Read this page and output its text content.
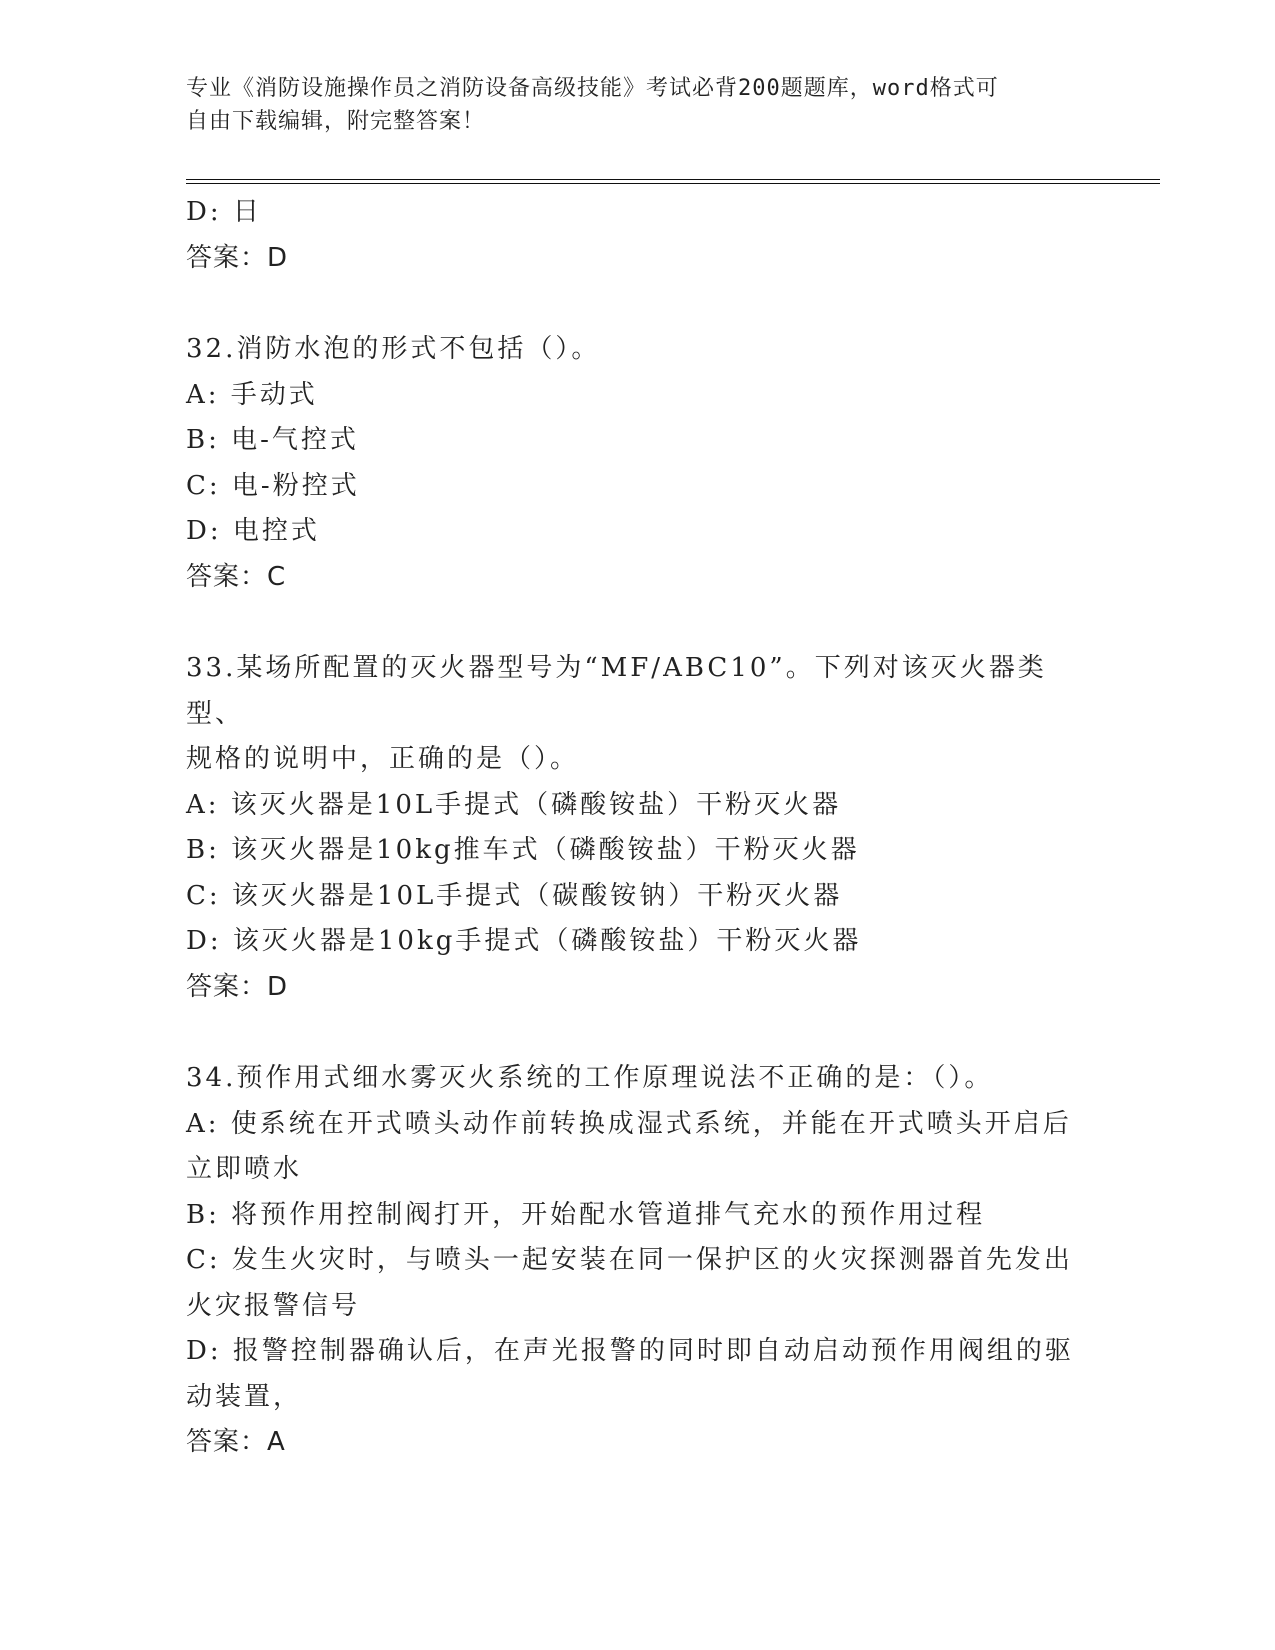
专业《消防设施操作员之消防设备高级技能》考试必背200题题库，word格式可
自由下载编辑，附完整答案！
D: 日
答案：D
32.消防水泡的形式不包括（）。
A: 手动式
B: 电-气控式
C: 电-粉控式
D: 电控式
答案：C
33.某场所配置的灭火器型号为“MF/ABC10”。下列对该灭火器类型、
规格的说明中，正确的是（）。
A: 该灭火器是10L手提式（磷酸铵盐）干粉灭火器
B: 该灭火器是10kg推车式（磷酸铵盐）干粉灭火器
C: 该灭火器是10L手提式（碳酸铵钠）干粉灭火器
D: 该灭火器是10kg手提式（磷酸铵盐）干粉灭火器
答案：D
34.预作用式细水雾灭火系统的工作原理说法不正确的是：（）。
A: 使系统在开式喷头动作前转换成湿式系统，并能在开式喷头开启后
立即喷水
B: 将预作用控制阀打开，开始配水管道排气充水的预作用过程
C: 发生火灾时，与喷头一起安装在同一保护区的火灾探测器首先发出
火灾报警信号
D: 报警控制器确认后，在声光报警的同时即自动启动预作用阀组的驱
动装置，
答案：A
